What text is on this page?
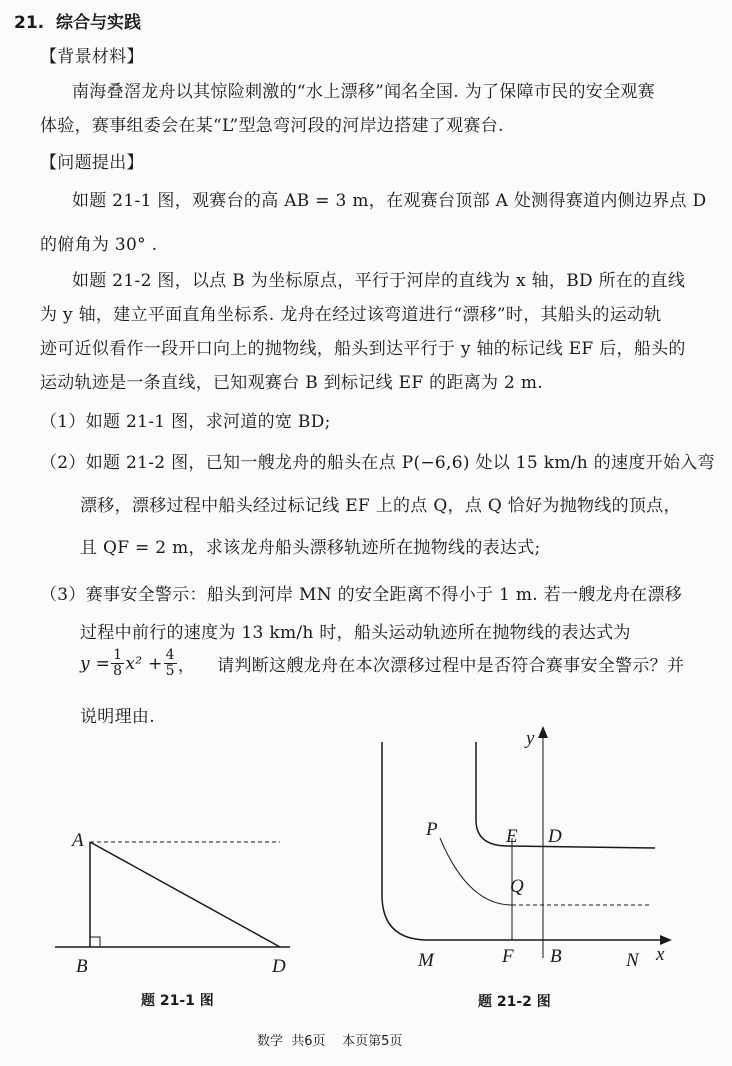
21. 综合与实践
【背景材料】
南海叠滘龙舟以其惊险刺激的“水上漂移”闻名全国. 为了保障市民的安全观赛
体验，赛事组委会在某“L”型急弯河段的河岸边搭建了观赛台.
【问题提出】
如题 21-1 图，观赛台的高 AB = 3 m，在观赛台顶部 A 处测得赛道内侧边界点 D
的俯角为 30° .
如题 21-2 图，以点 B 为坐标原点，平行于河岸的直线为 x 轴，BD 所在的直线
为 y 轴，建立平面直角坐标系. 龙舟在经过该弯道进行“漂移”时，其船头的运动轨
迹可近似看作一段开口向上的抛物线，船头到达平行于 y 轴的标记线 EF 后，船头的
运动轨迹是一条直线，已知观赛台 B 到标记线 EF 的距离为 2 m.
（1）如题 21-1 图，求河道的宽 BD;
（2）如题 21-2 图，已知一艘龙舟的船头在点 P(−6,6) 处以 15 km/h 的速度开始入弯
漂移，漂移过程中船头经过标记线 EF 上的点 Q，点 Q 恰好为抛物线的顶点，
且 QF = 2 m，求该龙舟船头漂移轨迹所在抛物线的表达式;
（3）赛事安全警示：船头到河岸 MN 的安全距离不得小于 1 m. 若一艘龙舟在漂移
过程中前行的速度为 13 km/h 时，船头运动轨迹所在抛物线的表达式为
$y = \frac{1}{8} x^2 + \frac{4}{5}$ ， 请判断这艘龙舟在本次漂移过程中是否符合赛事安全警示？并
说明理由.
A
B	D
题 21-1 图
y
x
P	E D
Q
M	F B	N
题 21-2 图
数学  共6页    本页第5页
